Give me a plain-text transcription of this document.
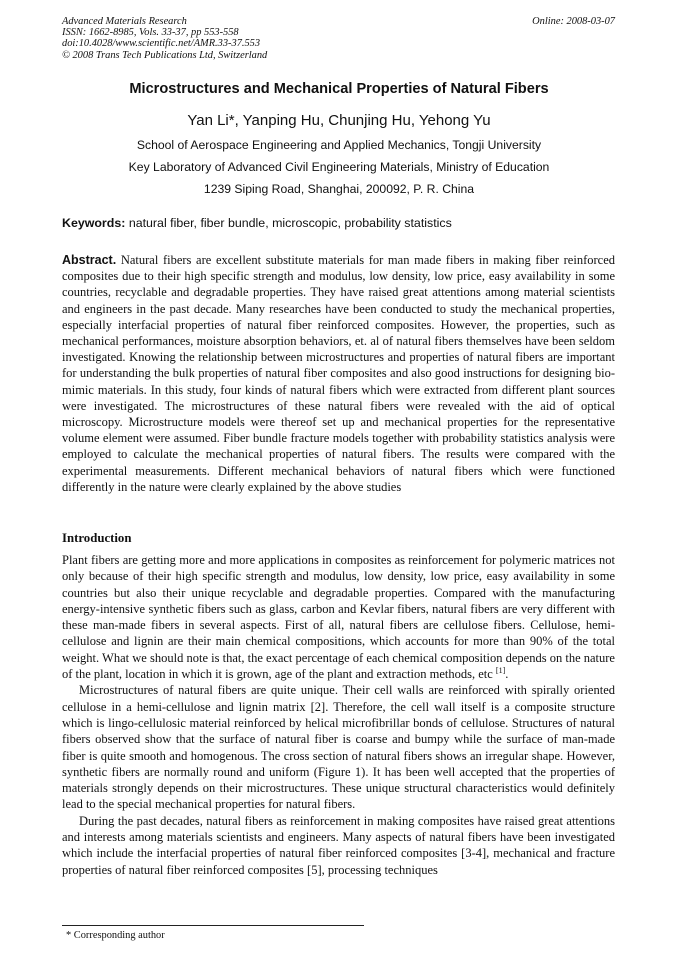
Advanced Materials Research
ISSN: 1662-8985, Vols. 33-37, pp 553-558
doi:10.4028/www.scientific.net/AMR.33-37.553
© 2008 Trans Tech Publications Ltd, Switzerland
Online: 2008-03-07
Microstructures and Mechanical Properties of Natural Fibers
Yan Li*, Yanping Hu, Chunjing Hu, Yehong Yu
School of Aerospace Engineering and Applied Mechanics, Tongji University
Key Laboratory of Advanced Civil Engineering Materials, Ministry of Education
1239 Siping Road, Shanghai, 200092, P. R. China
Keywords: natural fiber, fiber bundle, microscopic, probability statistics

Abstract. Natural fibers are excellent substitute materials for man made fibers in making fiber reinforced composites due to their high specific strength and modulus, low density, low price, easy availability in some countries, recyclable and degradable properties. They have raised great attentions among material scientists and engineers in the past decade. Many researches have been conducted to study the mechanical properties, especially interfacial properties of natural fiber reinforced composites. However, the properties, such as mechanical performances, moisture absorption behaviors, et. al of natural fibers themselves have been seldom investigated. Knowing the relationship between microstructures and properties of natural fibers are important for understanding the bulk properties of natural fiber composites and also good instructions for designing bio-mimic materials. In this study, four kinds of natural fibers which were extracted from different plant sources were investigated. The microstructures of these natural fibers were revealed with the aid of optical microscopy. Microstructure models were thereof set up and mechanical properties for the representative volume element were assumed. Fiber bundle fracture models together with probability statistics analysis were employed to calculate the mechanical properties of natural fibers. The results were compared with the experimental measurements. Different mechanical behaviors of natural fibers which were functioned differently in the nature were clearly explained by the above studies

Introduction

Plant fibers are getting more and more applications in composites as reinforcement for polymeric matrices not only because of their high specific strength and modulus, low density, low price, easy availability in some countries but also their unique recyclable and degradable properties. Compared with the manufacturing energy-intensive synthetic fibers such as glass, carbon and Kevlar fibers, natural fibers are very different with these man-made fibers in several aspects. First of all, natural fibers are cellulose fibers. Cellulose, hemi-cellulose and lignin are their main chemical compositions, which accounts for more than 90% of the total weight. What we should note is that, the exact percentage of each chemical composition depends on the nature of the plant, location in which it is grown, age of the plant and extraction methods, etc [1].

Microstructures of natural fibers are quite unique. Their cell walls are reinforced with spirally oriented cellulose in a hemi-cellulose and lignin matrix [2]. Therefore, the cell wall itself is a composite structure which is lingo-cellulosic material reinforced by helical microfibrillar bonds of cellulose. Structures of natural fibers observed show that the surface of natural fiber is coarse and bumpy while the surface of man-made fiber is quite smooth and homogenous. The cross section of natural fibers shows an irregular shape. However, synthetic fibers are normally round and uniform (Figure 1). It has been well accepted that the properties of materials strongly depends on their microstructures. These unique structural characteristics would definitely lead to the special mechanical properties for natural fibers.

During the past decades, natural fibers as reinforcement in making composites have raised great attentions and interests among materials scientists and engineers. Many aspects of natural fibers have been investigated which include the interfacial properties of natural fiber reinforced composites [3-4], mechanical and fracture properties of natural fiber reinforced composites [5], processing techniques

* Corresponding author
